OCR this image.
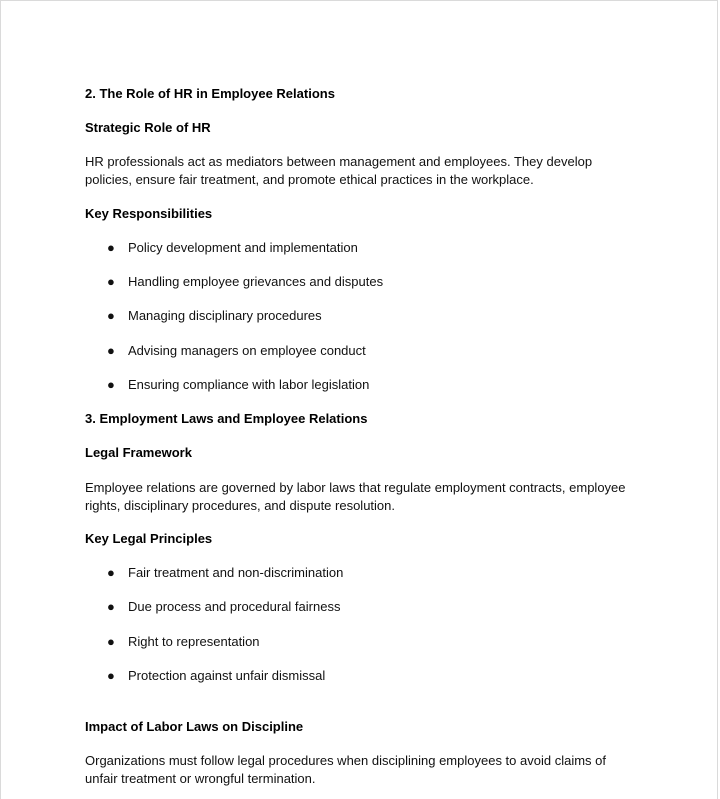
2. The Role of HR in Employee Relations
Strategic Role of HR
HR professionals act as mediators between management and employees. They develop
policies, ensure fair treatment, and promote ethical practices in the workplace.
Key Responsibilities
● Policy development and implementation
● Handling employee grievances and disputes
● Managing disciplinary procedures
● Advising managers on employee conduct
● Ensuring compliance with labor legislation
3. Employment Laws and Employee Relations
Legal Framework
Employee relations are governed by labor laws that regulate employment contracts, employee
rights, disciplinary procedures, and dispute resolution.
Key Legal Principles
● Fair treatment and non-discrimination
● Due process and procedural fairness
● Right to representation
● Protection against unfair dismissal
Impact of Labor Laws on Discipline
Organizations must follow legal procedures when disciplining employees to avoid claims of
unfair treatment or wrongful termination.
